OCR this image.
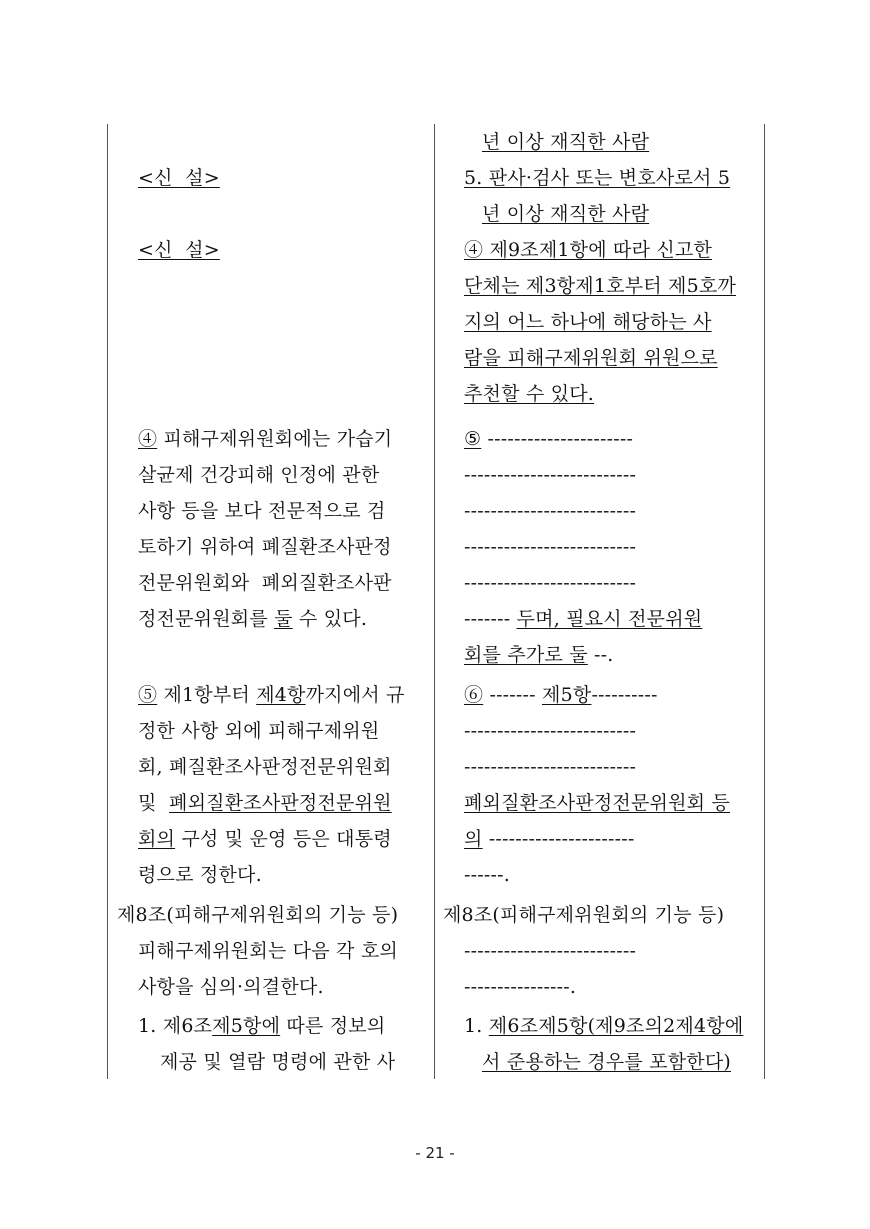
<신  설>
<신  설>
④ 피해구제위원회에는 가습기
살균제 건강피해 인정에 관한
사항 등을 보다 전문적으로 검
토하기 위하여 폐질환조사판정
전문위원회와  폐외질환조사판
정전문위원회를 둘 수 있다.
⑤ 제1항부터 제4항까지에서 규
정한 사항 외에 피해구제위원
회, 폐질환조사판정전문위원회
및  폐외질환조사판정전문위원
회의 구성 및 운영 등은 대통령
령으로 정한다.
제8조(피해구제위원회의 기능 등)
피해구제위원회는 다음 각 호의
사항을 심의·의결한다.
1. 제6조제5항에 따른 정보의
제공 및 열람 명령에 관한 사
년 이상 재직한 사람
5. 판사·검사 또는 변호사로서 5
년 이상 재직한 사람
④ 제9조제1항에 따라 신고한
단체는 제3항제1호부터 제5호까
지의 어느 하나에 해당하는 사
람을 피해구제위원회 위원으로
추천할 수 있다.
⑤ ----------------------
--------------------------
--------------------------
--------------------------
--------------------------
------- 두며, 필요시 전문위원
회를 추가로 둘 --.
⑥ ------- 제5항----------
--------------------------
--------------------------
폐외질환조사판정전문위원회 등
의 ----------------------
------.
제8조(피해구제위원회의 기능 등)
--------------------------
----------------.
1. 제6조제5항(제9조의2제4항에
서 준용하는 경우를 포함한다)
- 21 -
